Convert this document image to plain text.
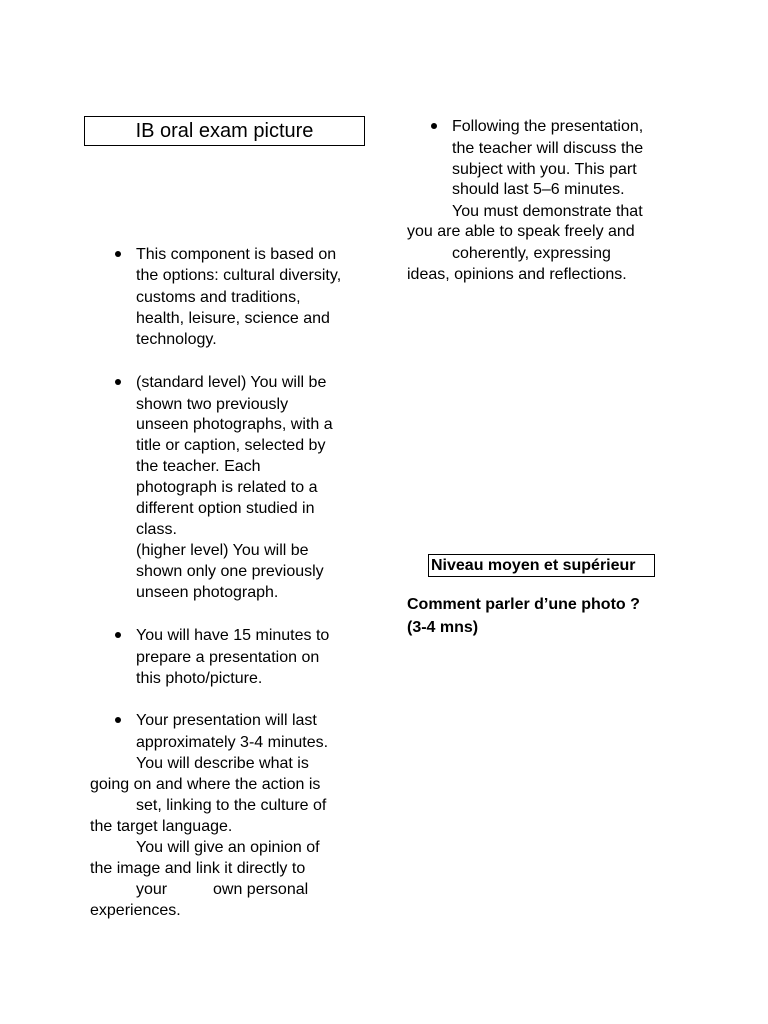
IB oral exam picture
This component is based on
the options: cultural diversity,
customs and traditions,
health, leisure, science and
technology.
(standard level) You will be
shown two previously
unseen photographs, with a
title or caption, selected by
the teacher. Each
photograph is related to a
different option studied in
class.
(higher level) You will be
shown only one previously
unseen photograph.
You will have 15 minutes to
prepare a presentation on
this photo/picture.
Your presentation will last
approximately 3-4 minutes.
You will describe what is
going on and where the action is
set, linking to the culture of
the target language.
You will give an opinion of
the image and link it directly to
your	own personal
experiences.
Following the presentation,
the teacher will discuss the
subject with you. This part
should last 5–6 minutes.
You must demonstrate that
you are able to speak freely and
coherently, expressing
ideas, opinions and reflections.
Niveau moyen et supérieur
Comment parler d’une photo ?
(3-4 mns)
